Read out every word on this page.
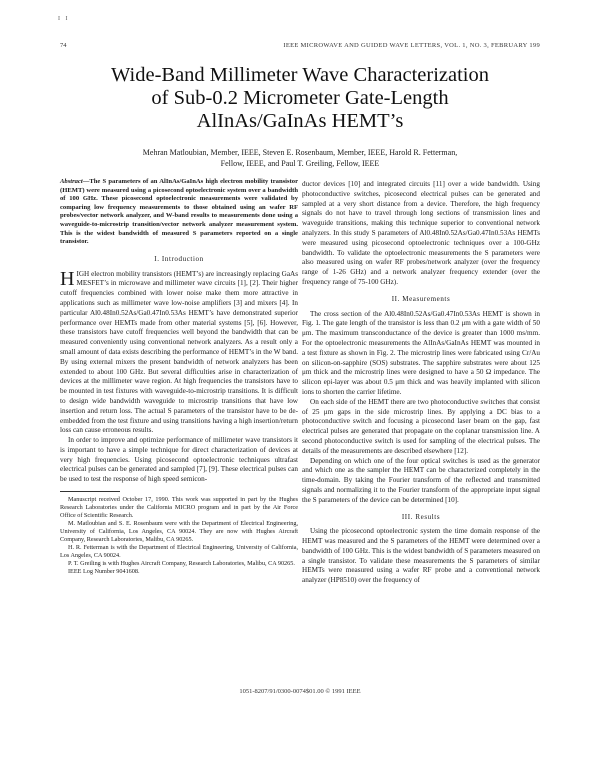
I I
74	IEEE MICROWAVE AND GUIDED WAVE LETTERS, VOL. 1, NO. 3, FEBRUARY 199
Wide-Band Millimeter Wave Characterization
of Sub-0.2 Micrometer Gate-Length
AlInAs/GaInAs HEMT’s
Mehran Matloubian, Member, IEEE, Steven E. Rosenbaum, Member, IEEE, Harold R. Fetterman,
Fellow, IEEE, and Paul T. Greiling, Fellow, IEEE
Abstract—The S parameters of an AlInAs/GaInAs high electron mobility transistor (HEMT) were measured using a picosecond optoelectronic system over a bandwidth of 100 GHz. These picosecond optoelectronic measurements were validated by comparing low frequency measurements to those obtained using an wafer RF probes/vector network analyzer, and W-band results to measurements done using a waveguide-to-microstrip transition/vector network analyzer measurement system. This is the widest bandwidth of measured S parameters reported on a single transistor.
I. Introduction

HIGH electron mobility transistors (HEMT’s) are increasingly replacing GaAs MESFET’s in microwave and millimeter wave circuits [1], [2]. Their higher cutoff frequencies combined with lower noise make them more attractive in applications such as millimeter wave low-noise amplifiers [3] and mixers [4]. In particular Al0.48In0.52As/Ga0.47In0.53As HEMT’s have demonstrated superior performance over HEMTs made from other material systems [5], [6]. However, these transistors have cutoff frequencies well beyond the bandwidth that can be measured conveniently using conventional network analyzers. As a result only a small amount of data exists describing the performance of HEMT’s in the W band. By using external mixers the present bandwidth of network analyzers has been extended to about 100 GHz. But several difficulties arise in characterization of devices at the millimeter wave region. At high frequencies the transistors have to be mounted in test fixtures with waveguide-to-microstrip transitions. It is difficult to design wide bandwidth waveguide to microstrip transitions that have low insertion and return loss. The actual S parameters of the transistor have to be de-embedded from the test fixture and using transitions having a high insertion/return loss can cause erroneous results.

In order to improve and optimize performance of millimeter wave transistors it is important to have a simple technique for direct characterization of devices at very high frequencies. Using picosecond optoelectronic techniques ultrafast electrical pulses can be generated and sampled [7], [9]. These electrical pulses can be used to test the response of high speed semicon-

Manuscript received October 17, 1990. This work was supported in part by the Hughes Research Laboratories under the California MICRO program and in part by the Air Force Office of Scientific Research.

M. Matloubian and S. E. Rosenbaum were with the Department of Electrical Engineering, University of California, Los Angeles, CA 90024. They are now with Hughes Aircraft Company, Research Laboratories, Malibu, CA 90265.

H. R. Fetterman is with the Department of Electrical Engineering, University of California, Los Angeles, CA 90024.

P. T. Greiling is with Hughes Aircraft Company, Research Laboratories, Malibu, CA 90265.

IEEE Log Number 9041608.

ductor devices [10] and integrated circuits [11] over a wide bandwidth. Using photoconductive switches, picosecond electrical pulses can be generated and sampled at a very short distance from a device. Therefore, the high frequency signals do not have to travel through long sections of transmission lines and waveguide transitions, making this technique superior to conventional network analyzers. In this study S parameters of Al0.48In0.52As/Ga0.47In0.53As HEMTs were measured using picosecond optoelectronic techniques over a 100-GHz bandwidth. To validate the optoelectronic measurements the S parameters were also measured using on wafer RF probes/network analyzer (over the frequency range of 1-26 GHz) and a network analyzer frequency extender (over the frequency range of 75-100 GHz).

II. Measurements

The cross section of the Al0.48In0.52As/Ga0.47In0.53As HEMT is shown in Fig. 1. The gate length of the transistor is less than 0.2 μm with a gate width of 50 μm. The maximum transconductance of the device is greater than 1000 ms/mm. For the optoelectronic measurements the AlInAs/GaInAs HEMT was mounted in a test fixture as shown in Fig. 2. The microstrip lines were fabricated using Cr/Au on silicon-on-sapphire (SOS) substrates. The sapphire substrates were about 125 μm thick and the microstrip lines were designed to have a 50 Ω impedance. The silicon epi-layer was about 0.5 μm thick and was heavily implanted with silicon ions to shorten the carrier lifetime.

On each side of the HEMT there are two photoconductive switches that consist of 25 μm gaps in the side microstrip lines. By applying a DC bias to a photoconductive switch and focusing a picosecond laser beam on the gap, fast electrical pulses are generated that propagate on the coplanar transmission line. A second photoconductive switch is used for sampling of the electrical pulses. The details of the measurements are described elsewhere [12].

Depending on which one of the four optical switches is used as the generator and which one as the sampler the HEMT can be characterized completely in the time-domain. By taking the Fourier transform of the reflected and transmitted signals and normalizing it to the Fourier transform of the appropriate input signal the S parameters of the device can be determined [10].

III. Results

Using the picosecond optoelectronic system the time domain response of the HEMT was measured and the S parameters of the HEMT were determined over a bandwidth of 100 GHz. This is the widest bandwidth of S parameters measured on a single transistor. To validate these measurements the S parameters of similar HEMTs were measured using a wafer RF probe and a conventional network analyzer (HP8510) over the frequency of

1051-8207/91/0300-0074$01.00 © 1991 IEEE
